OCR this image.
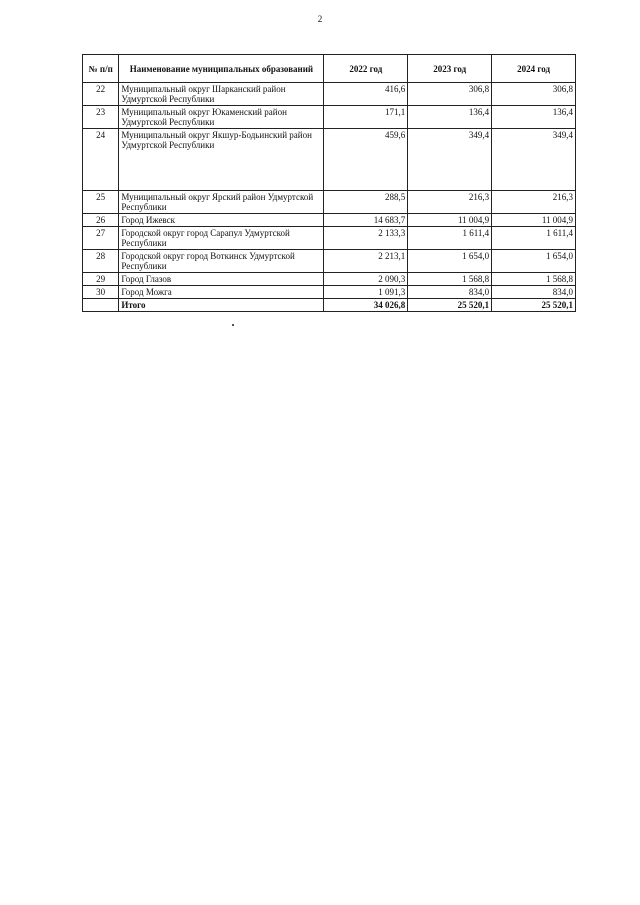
2
№ п/п	Наименование муниципальных образований	2022 год	2023 год	2024 год
22	Муниципальный округ Шарканский район Удмуртской Республики	416,6	306,8	306,8
23	Муниципальный округ Юкаменский район Удмуртской Республики	171,1	136,4	136,4
24	Муниципальный округ Якшур-Бодьинский район Удмуртской Республики	459,6	349,4	349,4
25	Муниципальный округ Ярский район Удмуртской Республики	288,5	216,3	216,3
26	Город Ижевск	14 683,7	11 004,9	11 004,9
27	Городской округ город Сарапул Удмуртской Республики	2 133,3	1 611,4	1 611,4
28	Городской округ город Воткинск Удмуртской Республики	2 213,1	1 654,0	1 654,0
29	Город Глазов	2 090,3	1 568,8	1 568,8
30	Город Можга	1 091,3	834,0	834,0
	Итого	34 026,8	25 520,1	25 520,1
